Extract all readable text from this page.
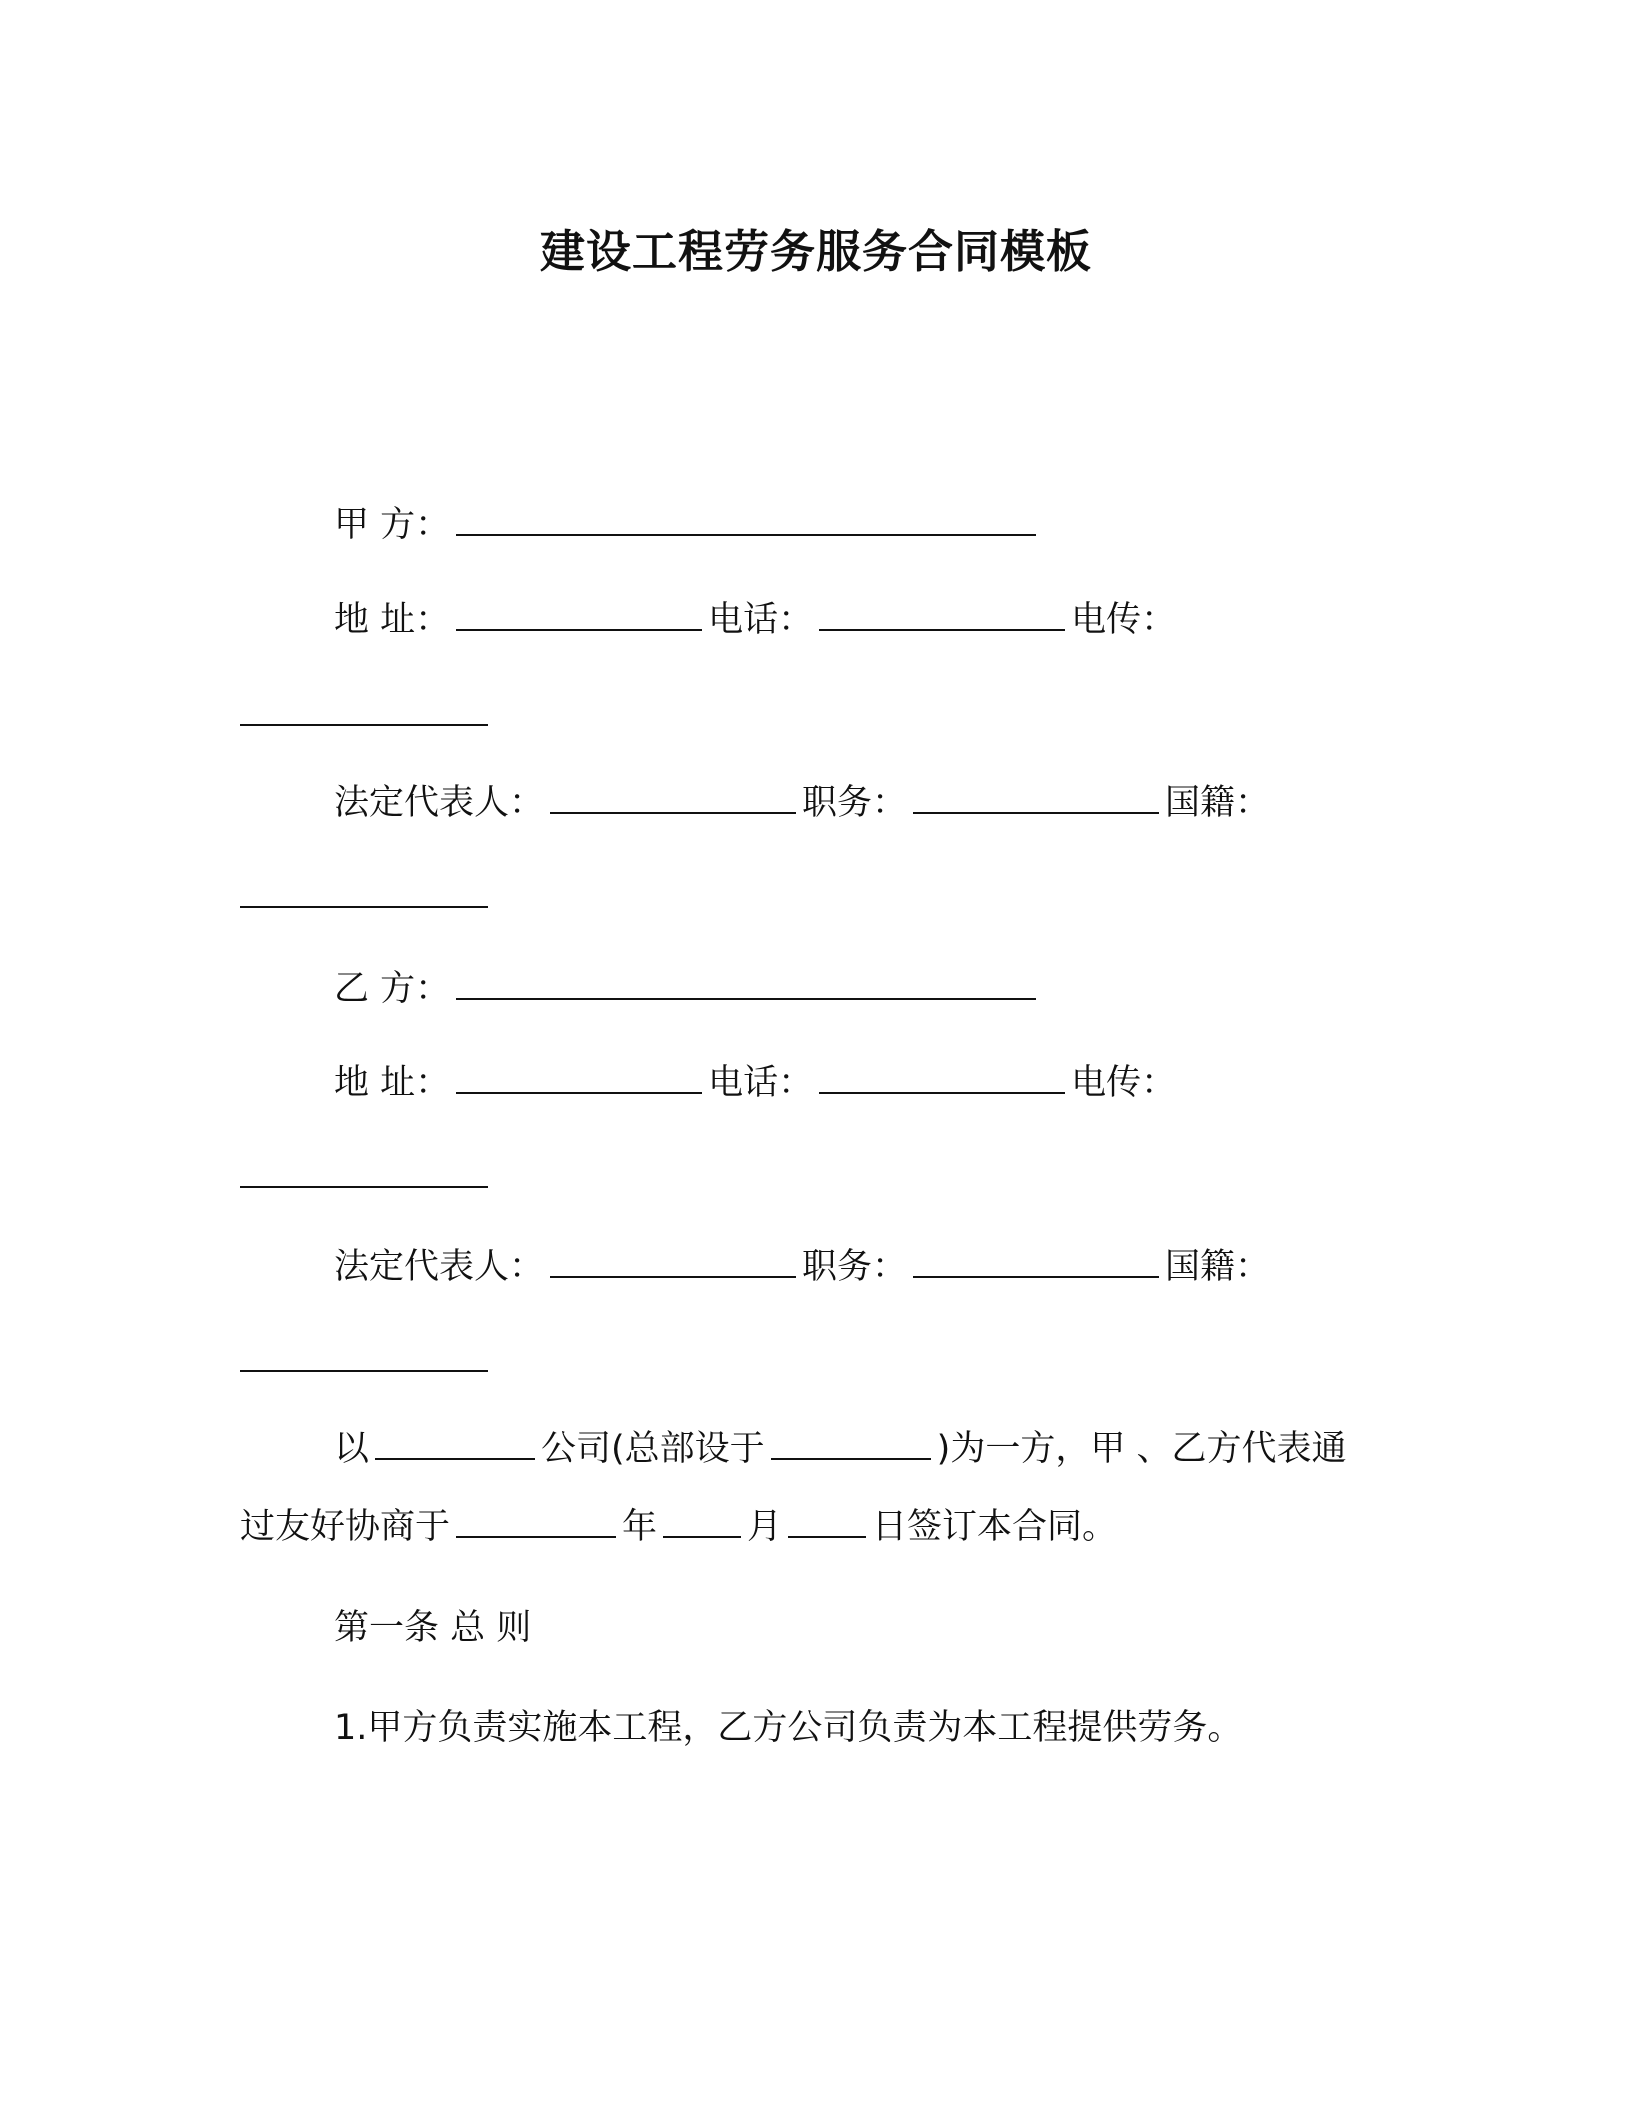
建设工程劳务服务合同模板
甲 方：
地 址：	电话：	电传：
法定代表人：	职务：	国籍：
乙 方：
地 址：	电话：	电传：
法定代表人：	职务：	国籍：
以	公司(总部设于	)为一方，甲 、乙方代表通
过友好协商于	年	月	日签订本合同。
第一条 总 则
1.甲方负责实施本工程，乙方公司负责为本工程提供劳务。
